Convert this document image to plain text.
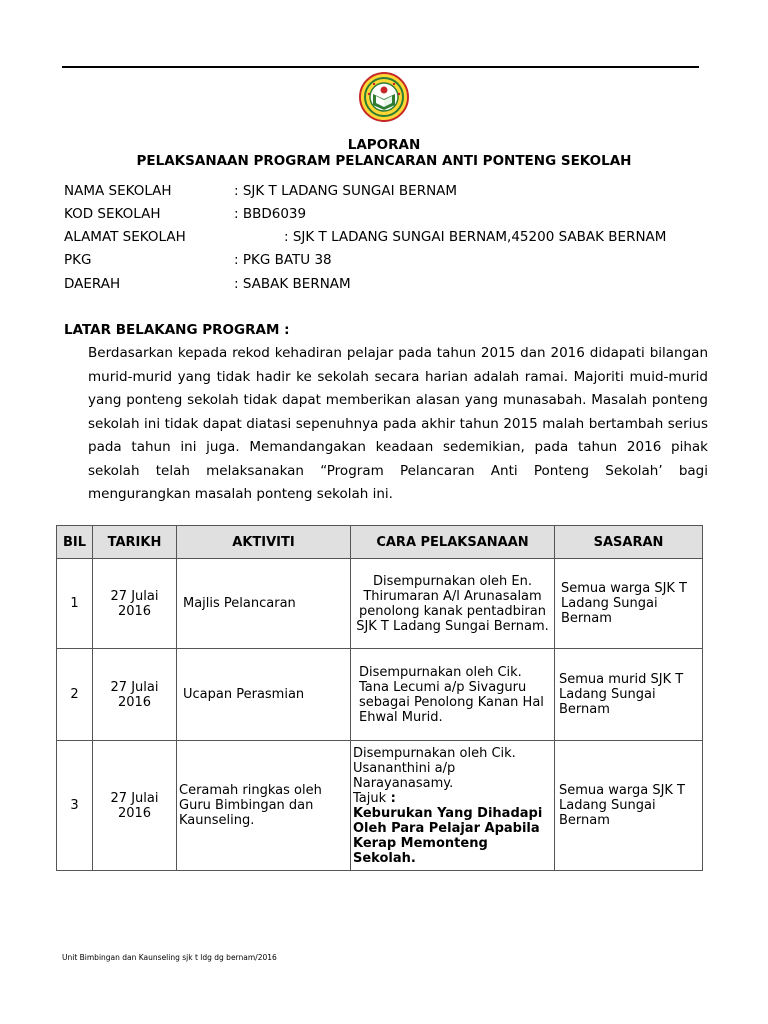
LAPORAN
PELAKSANAAN PROGRAM PELANCARAN ANTI PONTENG SEKOLAH
NAMA SEKOLAH	: SJK T LADANG SUNGAI BERNAM
KOD SEKOLAH	: BBD6039
ALAMAT SEKOLAH	: SJK T LADANG SUNGAI BERNAM,45200 SABAK BERNAM
PKG	: PKG BATU 38
DAERAH	: SABAK BERNAM
LATAR BELAKANG PROGRAM :

Berdasarkan kepada rekod kehadiran pelajar pada tahun 2015 dan 2016 didapati bilangan murid-murid yang tidak hadir ke sekolah secara harian adalah ramai. Majoriti muid-murid yang ponteng sekolah tidak dapat memberikan alasan yang munasabah. Masalah ponteng sekolah ini tidak dapat diatasi sepenuhnya pada akhir tahun 2015 malah bertambah serius pada tahun ini juga. Memandangakan keadaan sedemikian, pada tahun 2016 pihak sekolah telah melaksanakan “Program Pelancaran Anti Ponteng Sekolah’ bagi mengurangkan masalah ponteng sekolah ini.

BIL	TARIKH	AKTIVITI	CARA PELAKSANAAN	SASARAN
1	27 Julai 2016	Majlis Pelancaran	Disempurnakan oleh En. Thirumaran A/l Arunasalam penolong kanak pentadbiran SJK T Ladang Sungai Bernam.	Semua warga SJK T Ladang Sungai Bernam
2	27 Julai 2016	Ucapan Perasmian	Disempurnakan oleh Cik. Tana Lecumi a/p Sivaguru sebagai Penolong Kanan Hal Ehwal Murid.	Semua murid SJK T Ladang Sungai Bernam
3	27 Julai 2016	Ceramah ringkas oleh Guru Bimbingan dan Kaunseling.	Disempurnakan oleh Cik. Usananthini a/p Narayanasamy.
Tajuk :
Keburukan Yang Dihadapi Oleh Para Pelajar Apabila Kerap Memonteng Sekolah.	Semua warga SJK T Ladang Sungai Bernam
Unit Bimbingan dan Kaunseling sjk t ldg dg bernam/2016
